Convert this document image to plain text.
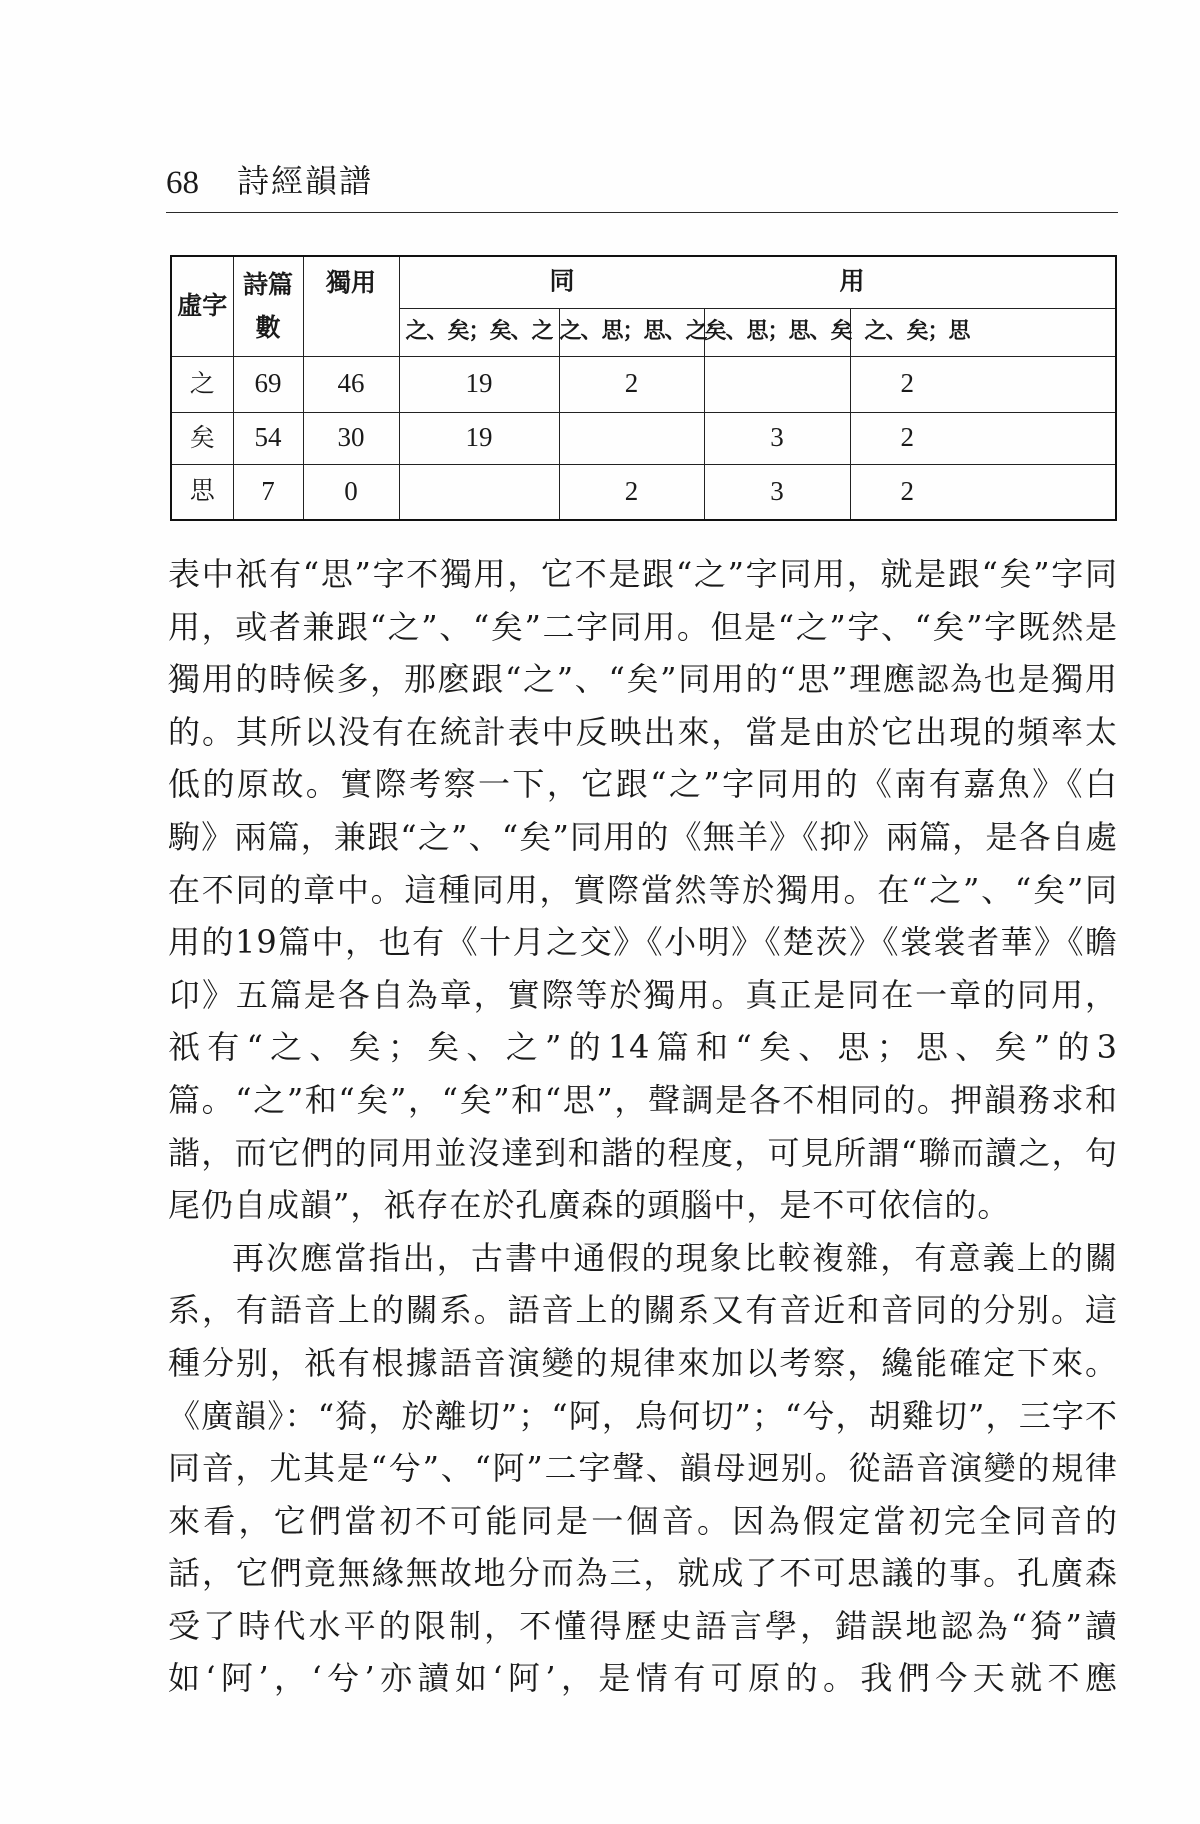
68 詩經韻譜
虛字	詩篇數	獨用	同 用			

			之、矣；矣、之	之、思；思、之	矣、思；思、矣	之、矣；思
之	69	46	19	2		2
矣	54	30	19		3	2
思	7	0		2	3	2

表中祇有“思”字不獨用，它不是跟“之”字同用，就是跟“矣”字同用，或者兼跟“之”、“矣”二字同用。但是“之”字、“矣”字既然是獨用的時候多，那麽跟“之”、“矣”同用的“思”理應認為也是獨用的。其所以没有在統計表中反映出來，當是由於它出現的頻率太低的原故。實際考察一下，它跟“之”字同用的《南有嘉魚》《白駒》兩篇，兼跟“之”、“矣”同用的《無羊》《抑》兩篇，是各自處在不同的章中。這種同用，實際當然等於獨用。在“之”、“矣”同用的19篇中，也有《十月之交》《小明》《楚茨》《裳裳者華》《瞻卬》五篇是各自為章，實際等於獨用。真正是同在一章的同用，祇有“之、矣；矣、之”的14篇和“矣、思；思、矣”的3篇。“之”和“矣”，“矣”和“思”，聲調是各不相同的。押韻務求和諧，而它們的同用並沒達到和諧的程度，可見所謂“聯而讀之，句尾仍自成韻”，祇存在於孔廣森的頭腦中，是不可依信的。

再次應當指出，古書中通假的現象比較複雜，有意義上的關系，有語音上的關系。語音上的關系又有音近和音同的分别。這種分别，祇有根據語音演變的規律來加以考察，纔能確定下來。《廣韻》：“猗，於離切”；“阿，烏何切”；“兮，胡雞切”，三字不同音，尤其是“兮”、“阿”二字聲、韻母迥别。從語音演變的規律來看，它們當初不可能同是一個音。因為假定當初完全同音的話，它們竟無緣無故地分而為三，就成了不可思議的事。孔廣森受了時代水平的限制，不懂得歷史語言學，錯誤地認為“猗”讀如‘阿’，‘兮’亦讀如‘阿’，是情有可原的。我們今天就不應
